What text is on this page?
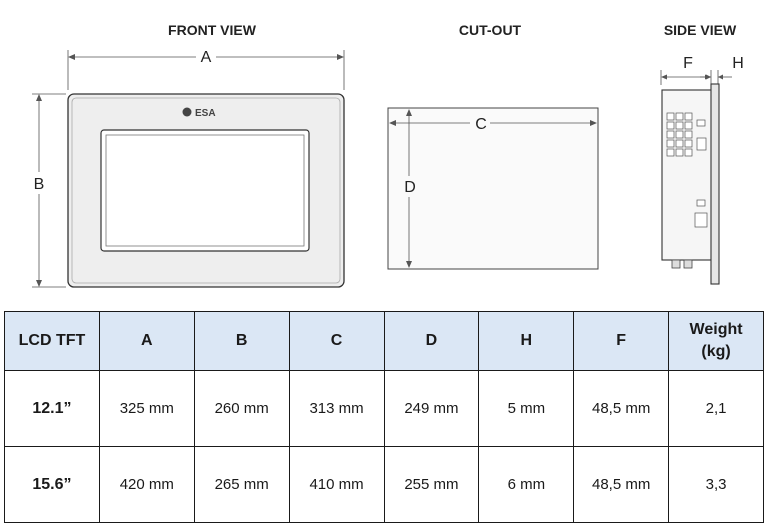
FRONT VIEW	CUT-OUT	SIDE VIEW
A
B
ESA
C
D
F H
LCD TFT	A	B	C	D	H	F	Weight
(kg)
12.1”	325 mm	260 mm	313 mm	249 mm	5 mm	48,5 mm	2,1
15.6”	420 mm	265 mm	410 mm	255 mm	6 mm	48,5 mm	3,3
